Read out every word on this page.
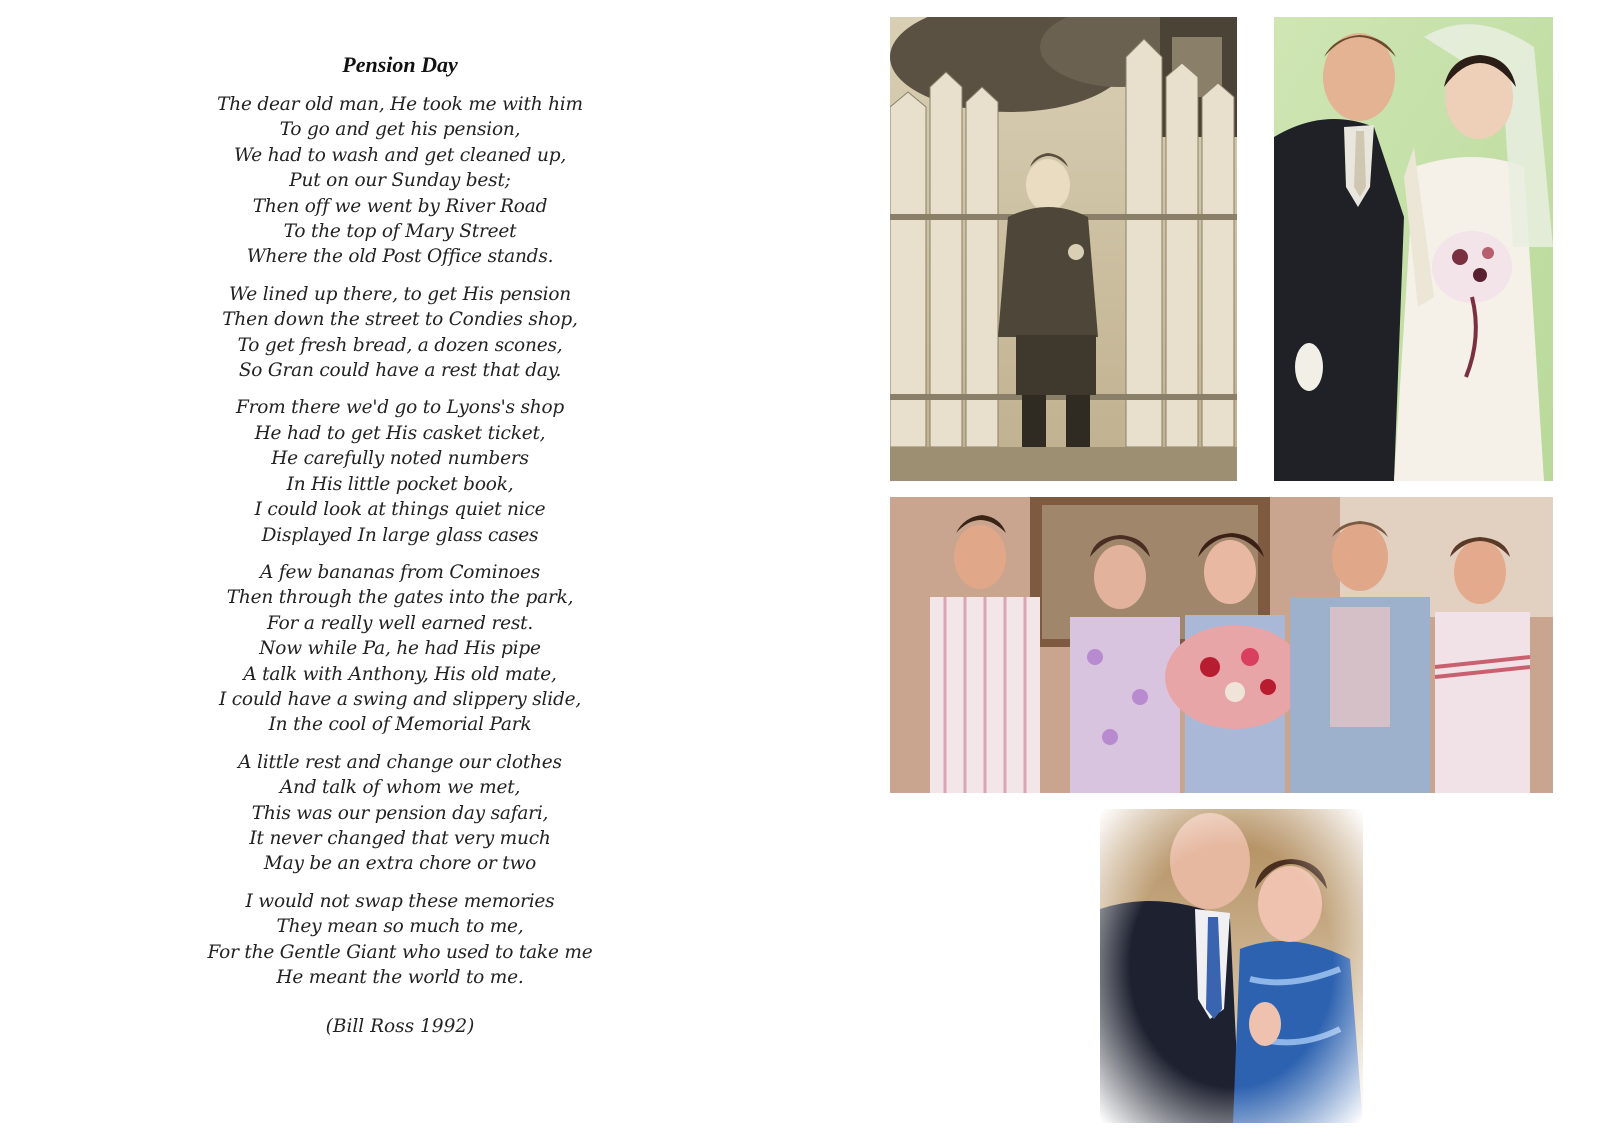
Pension Day
The dear old man, He took me with him
To go and get his pension,
We had to wash and get cleaned up,
Put on our Sunday best;
Then off we went by River Road
To the top of Mary Street
Where the old Post Office stands.
We lined up there, to get His pension
Then down the street to Condies shop,
To get fresh bread, a dozen scones,
So Gran could have a rest that day.
From there we'd go to Lyons's shop
He had to get His casket ticket,
He carefully noted numbers
In His little pocket book,
I could look at things quiet nice
Displayed In large glass cases
A few bananas from Cominoes
Then through the gates into the park,
For a really well earned rest.
Now while Pa, he had His pipe
A talk with Anthony, His old mate,
I could have a swing and slippery slide,
In the cool of Memorial Park
A little rest and change our clothes
And talk of whom we met,
This was our pension day safari,
It never changed that very much
May be an extra chore or two
I would not swap these memories
They mean so much to me,
For the Gentle Giant who used to take me
He meant the world to me.
(Bill Ross 1992)
